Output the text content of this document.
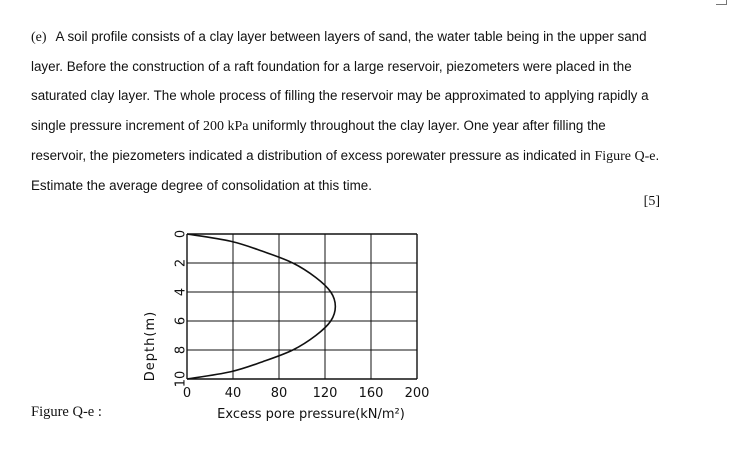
(e) A soil profile consists of a clay layer between layers of sand, the water table being in the upper sand layer. Before the construction of a raft foundation for a large reservoir, piezometers were placed in the saturated clay layer. The whole process of filling the reservoir may be approximated to applying rapidly a single pressure increment of 200 kPa uniformly throughout the clay layer. One year after filling the reservoir, the piezometers indicated a distribution of excess porewater pressure as indicated in Figure Q-e. Estimate the average degree of consolidation at this time.

[5]
0	40 80 120 160 200
0
2
4
6
8
10
Depth(m)
Excess pore pressure(kN/m²)
Figure Q-e :
